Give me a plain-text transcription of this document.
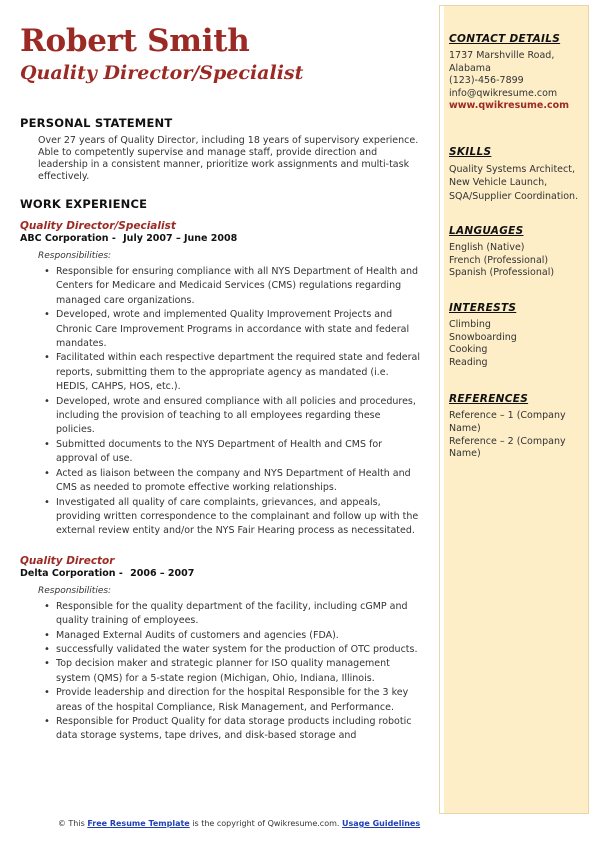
Robert Smith
Quality Director/Specialist
PERSONAL STATEMENT

Over 27 years of Quality Director, including 18 years of supervisory experience. Able to competently supervise and manage staff, provide direction and leadership in a consistent manner, prioritize work assignments and multi-task effectively.

WORK EXPERIENCE
Quality Director/Specialist
ABC Corporation - July 2007 – June 2008
Responsibilities:
• Responsible for ensuring compliance with all NYS Department of Health and Centers for Medicare and Medicaid Services (CMS) regulations regarding managed care organizations.
• Developed, wrote and implemented Quality Improvement Projects and Chronic Care Improvement Programs in accordance with state and federal mandates.
• Facilitated within each respective department the required state and federal reports, submitting them to the appropriate agency as mandated (i.e. HEDIS, CAHPS, HOS, etc.).
• Developed, wrote and ensured compliance with all policies and procedures, including the provision of teaching to all employees regarding these policies.
• Submitted documents to the NYS Department of Health and CMS for approval of use.
• Acted as liaison between the company and NYS Department of Health and CMS as needed to promote effective working relationships.
• Investigated all quality of care complaints, grievances, and appeals, providing written correspondence to the complainant and follow up with the external review entity and/or the NYS Fair Hearing process as necessitated.
Quality Director
Delta Corporation - 2006 – 2007
Responsibilities:
• Responsible for the quality department of the facility, including cGMP and quality training of employees.
• Managed External Audits of customers and agencies (FDA).
• successfully validated the water system for the production of OTC products.
• Top decision maker and strategic planner for ISO quality management system (QMS) for a 5-state region (Michigan, Ohio, Indiana, Illinois.
• Provide leadership and direction for the hospital Responsible for the 3 key areas of the hospital Compliance, Risk Management, and Performance.
• Responsible for Product Quality for data storage products including robotic data storage systems, tape drives, and disk-based storage and
CONTACT DETAILS

1737 Marshville Road, Alabama

(123)-456-7899

info@qwikresume.com

www.qwikresume.com

SKILLS

Quality Systems Architect, New Vehicle Launch, SQA/Supplier Coordination.

LANGUAGES

English (Native)

French (Professional)

Spanish (Professional)

INTERESTS

Climbing

Snowboarding

Cooking

Reading

REFERENCES

Reference – 1 (Company Name)

Reference – 2 (Company Name)

© This Free Resume Template is the copyright of Qwikresume.com. Usage Guidelines
